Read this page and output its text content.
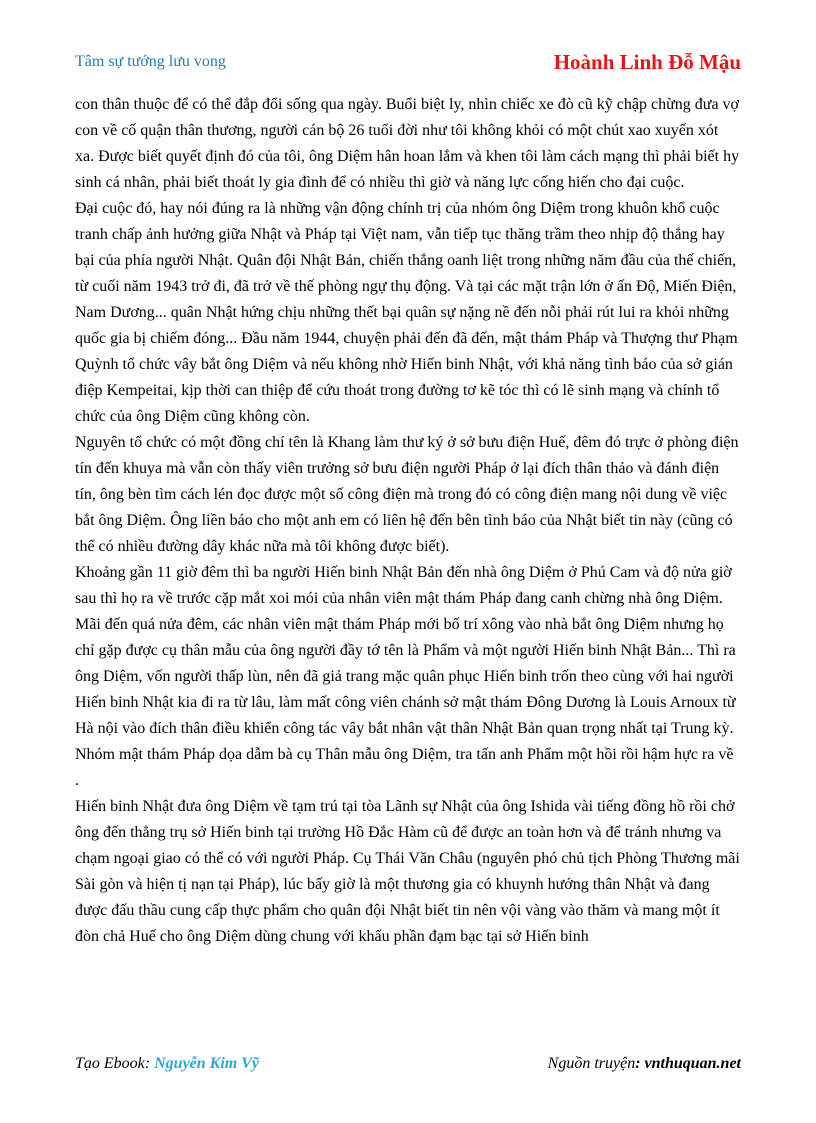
Tâm sự tướng lưu vong	Hoành Linh Đỗ Mậu

con thân thuộc để có thể đắp đổi sống qua ngày. Buổi biệt ly, nhìn chiếc xe đò cũ kỹ chập chừng đưa vợ con về cố quận thân thương, người cán bộ 26 tuổi đời như tôi không khỏi có một chút xao xuyến xót xa. Được biết quyết định đó của tôi, ông Diệm hân hoan lắm và khen tôi làm cách mạng thì phải biết hy sinh cá nhân, phải biết thoát ly gia đình để có nhiều thì giờ và năng lực cống hiến cho đại cuộc.

Đại cuộc đó, hay nói đúng ra là những vận động chính trị của nhóm ông Diệm trong khuôn khổ cuộc tranh chấp ảnh hưởng giữa Nhật và Pháp tại Việt nam, vẫn tiếp tục thăng trầm theo nhịp độ thắng hay bại của phía người Nhật. Quân đội Nhật Bản, chiến thắng oanh liệt trong những năm đầu của thế chiến, từ cuối năm 1943 trở đi, đã trở về thế phòng ngự thụ động. Và tại các mặt trận lớn ở ấn Độ, Miến Điện, Nam Dương... quân Nhật hứng chịu những thết bại quân sự nặng nề đến nỗi phải rút lui ra khỏi những quốc gia bị chiếm đóng... Đầu năm 1944, chuyện phải đến đã đến, mật thám Pháp và Thượng thư Phạm Quỳnh tổ chức vây bắt ông Diệm và nếu không nhờ Hiến binh Nhật, với khả năng tình báo của sở gián điệp Kempeitai, kịp thời can thiệp để cứu thoát trong đường tơ kẽ tóc thì có lẽ sinh mạng và chính tổ chức của ông Diệm cũng không còn.

Nguyên tổ chức có một đồng chí tên là Khang làm thư ký ở sở bưu điện Huế, đêm đó trực ở phòng điện tín đến khuya mà vẫn còn thấy viên trưởng sở bưu điện người Pháp ở lại đích thân thảo và đánh điện tín, ông bèn tìm cách lén đọc được một số công điện mà trong đó có công điện mang nội dung về việc bắt ông Diệm. Ông liền báo cho một anh em có liên hệ đến bên tình báo của Nhật biết tin này (cũng có thể có nhiều đường dây khác nữa mà tôi không được biết).

Khoảng gần 11 giờ đêm thì ba người Hiến binh Nhật Bản đến nhà ông Diệm ở Phú Cam và độ nửa giờ sau thì họ ra về trước cặp mắt xoi mói của nhân viên mật thám Pháp đang canh chừng nhà ông Diệm. Mãi đến quá nửa đêm, các nhân viên mật thám Pháp mới bố trí xông vào nhà bắt ông Diệm nhưng họ chỉ gặp được cụ thân mẫu của ông người đầy tớ tên là Phẩm và một người Hiến binh Nhật Bản... Thì ra ông Diệm, vốn người thấp lùn, nên đã giả trang mặc quân phục Hiến binh trốn theo cùng với hai người Hiến binh Nhật kia đi ra từ lâu, làm mất công viên chánh sở mật thám Đông Dương là Louis Arnoux từ Hà nội vào đích thân điều khiển công tác vây bắt nhân vật thân Nhật Bản quan trọng nhất tại Trung kỳ. Nhóm mật thám Pháp dọa dẫm bà cụ Thân mẫu ông Diệm, tra tấn anh Phẩm một hồi rồi hậm hực ra về .

Hiến binh Nhật đưa ông Diệm về tạm trú tại tòa Lãnh sự Nhật của ông Ishida vài tiếng đồng hồ rồi chở ông đến thẳng trụ sở Hiến binh tại trường Hồ Đắc Hàm cũ để được an toàn hơn và để tránh nhưng va chạm ngoại giao có thể có với người Pháp. Cụ Thái Văn Châu (nguyên phó chủ tịch Phòng Thương mãi Sài gòn và hiện tị nạn tại Pháp), lúc bấy giờ là một thương gia có khuynh hướng thân Nhật và đang được đấu thầu cung cấp thực phẩm cho quân đội Nhật biết tin nên vội vàng vào thăm và mang một ít đòn chả Huế cho ông Diệm dùng chung với khẩu phần đạm bạc tại sở Hiến binh

Tạo Ebook: Nguyễn Kim Vỹ	Nguồn truyện: vnthuquan.net
